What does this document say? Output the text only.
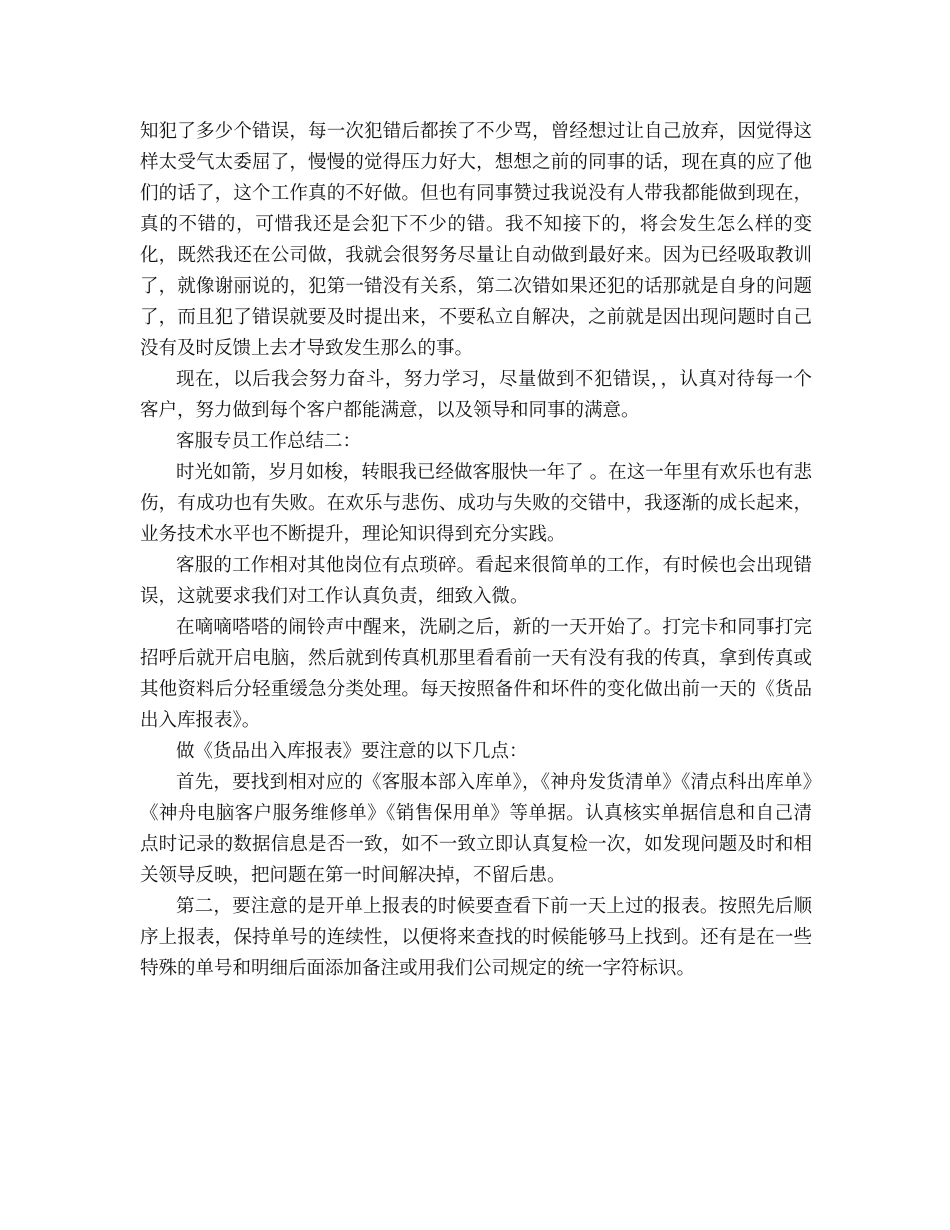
知犯了多少个错误，每一次犯错后都挨了不少骂，曾经想过让自己放弃，因觉得这样太受气太委屈了，慢慢的觉得压力好大，想想之前的同事的话，现在真的应了他们的话了，这个工作真的不好做。但也有同事赞过我说没有人带我都能做到现在，真的不错的，可惜我还是会犯下不少的错。我不知接下的，将会发生怎么样的变化，既然我还在公司做，我就会很努务尽量让自动做到最好来。因为已经吸取教训了，就像谢丽说的，犯第一错没有关系，第二次错如果还犯的话那就是自身的问题了，而且犯了错误就要及时提出来，不要私立自解决，之前就是因出现问题时自己没有及时反馈上去才导致发生那么的事。

现在，以后我会努力奋斗，努力学习，尽量做到不犯错误，，认真对待每一个客户，努力做到每个客户都能满意，以及领导和同事的满意。

客服专员工作总结二：

时光如箭，岁月如梭，转眼我已经做客服快一年了 。在这一年里有欢乐也有悲伤，有成功也有失败。在欢乐与悲伤、成功与失败的交错中，我逐渐的成长起来，业务技术水平也不断提升，理论知识得到充分实践。

客服的工作相对其他岗位有点琐碎。看起来很简单的工作，有时候也会出现错误，这就要求我们对工作认真负责，细致入微。

在嘀嘀嗒嗒的闹铃声中醒来，洗刷之后，新的一天开始了。打完卡和同事打完招呼后就开启电脑，然后就到传真机那里看看前一天有没有我的传真，拿到传真或其他资料后分轻重缓急分类处理。每天按照备件和坏件的变化做出前一天的《货品出入库报表》。

做《货品出入库报表》要注意的以下几点：

首先，要找到相对应的《客服本部入库单》，《神舟发货清单》《清点科出库单》《神舟电脑客户服务维修单》《销售保用单》等单据。认真核实单据信息和自己清点时记录的数据信息是否一致，如不一致立即认真复检一次，如发现问题及时和相关领导反映，把问题在第一时间解决掉，不留后患。

第二，要注意的是开单上报表的时候要查看下前一天上过的报表。按照先后顺序上报表，保持单号的连续性，以便将来查找的时候能够马上找到。还有是在一些特殊的单号和明细后面添加备注或用我们公司规定的统一字符标识。
